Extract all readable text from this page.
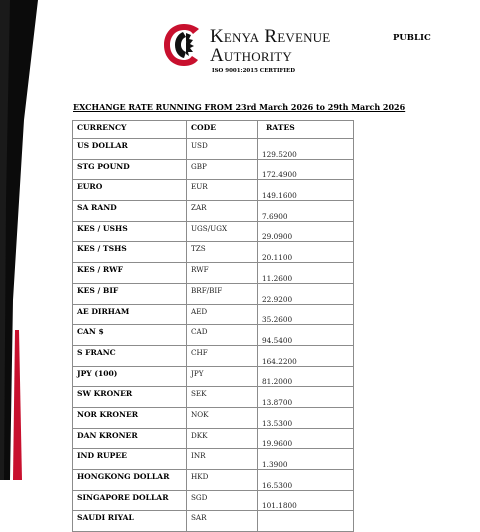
Kenya Revenue
Authority
ISO 9001:2015 CERTIFIED
PUBLIC
EXCHANGE RATE RUNNING FROM 23rd March 2026 to 29th March 2026
CURRENCY	CODE	RATES
US DOLLAR	USD	129.5200
STG POUND	GBP	172.4900
EURO	EUR	149.1600
SA RAND	ZAR	7.6900
KES / USHS	UGS/UGX	29.0900
KES / TSHS	TZS	20.1100
KES / RWF	RWF	11.2600
KES / BIF	BRF/BIF	22.9200
AE DIRHAM	AED	35.2600
CAN $	CAD	94.5400
S FRANC	CHF	164.2200
JPY (100)	JPY	81.2000
SW KRONER	SEK	13.8700
NOR KRONER	NOK	13.5300
DAN KRONER	DKK	19.9600
IND RUPEE	INR	1.3900
HONGKONG DOLLAR	HKD	16.5300
SINGAPORE DOLLAR	SGD	101.1800
SAUDI RIYAL	SAR	
